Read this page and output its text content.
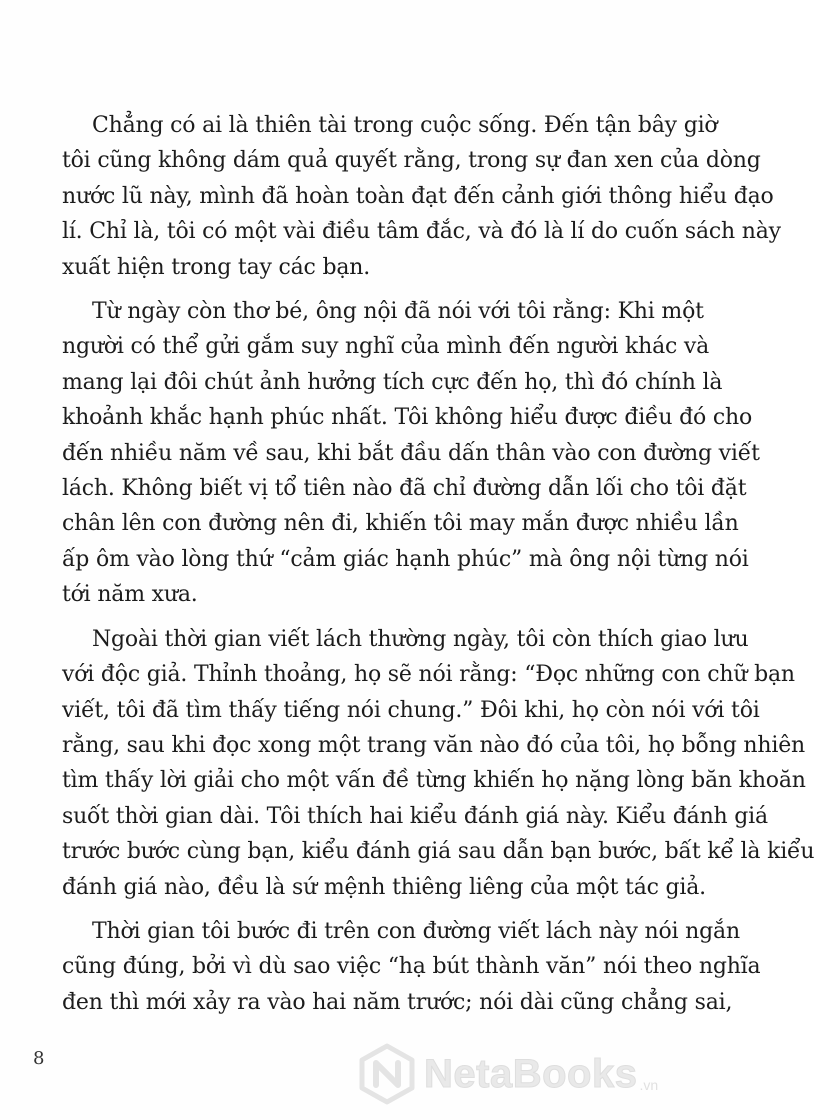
Chẳng có ai là thiên tài trong cuộc sống. Đến tận bây giờ
tôi cũng không dám quả quyết rằng, trong sự đan xen của dòng
nước lũ này, mình đã hoàn toàn đạt đến cảnh giới thông hiểu đạo
lí. Chỉ là, tôi có một vài điều tâm đắc, và đó là lí do cuốn sách này
xuất hiện trong tay các bạn.
Từ ngày còn thơ bé, ông nội đã nói với tôi rằng: Khi một
người có thể gửi gắm suy nghĩ của mình đến người khác và
mang lại đôi chút ảnh hưởng tích cực đến họ, thì đó chính là
khoảnh khắc hạnh phúc nhất. Tôi không hiểu được điều đó cho
đến nhiều năm về sau, khi bắt đầu dấn thân vào con đường viết
lách. Không biết vị tổ tiên nào đã chỉ đường dẫn lối cho tôi đặt
chân lên con đường nên đi, khiến tôi may mắn được nhiều lần
ấp ôm vào lòng thứ “cảm giác hạnh phúc” mà ông nội từng nói
tới năm xưa.
Ngoài thời gian viết lách thường ngày, tôi còn thích giao lưu
với độc giả. Thỉnh thoảng, họ sẽ nói rằng: “Đọc những con chữ bạn
viết, tôi đã tìm thấy tiếng nói chung.” Đôi khi, họ còn nói với tôi
rằng, sau khi đọc xong một trang văn nào đó của tôi, họ bỗng nhiên
tìm thấy lời giải cho một vấn đề từng khiến họ nặng lòng băn khoăn
suốt thời gian dài. Tôi thích hai kiểu đánh giá này. Kiểu đánh giá
trước bước cùng bạn, kiểu đánh giá sau dẫn bạn bước, bất kể là kiểu
đánh giá nào, đều là sứ mệnh thiêng liêng của một tác giả.
Thời gian tôi bước đi trên con đường viết lách này nói ngắn
cũng đúng, bởi vì dù sao việc “hạ bút thành văn” nói theo nghĩa
đen thì mới xảy ra vào hai năm trước; nói dài cũng chẳng sai,
8	NetaBooks .vn
